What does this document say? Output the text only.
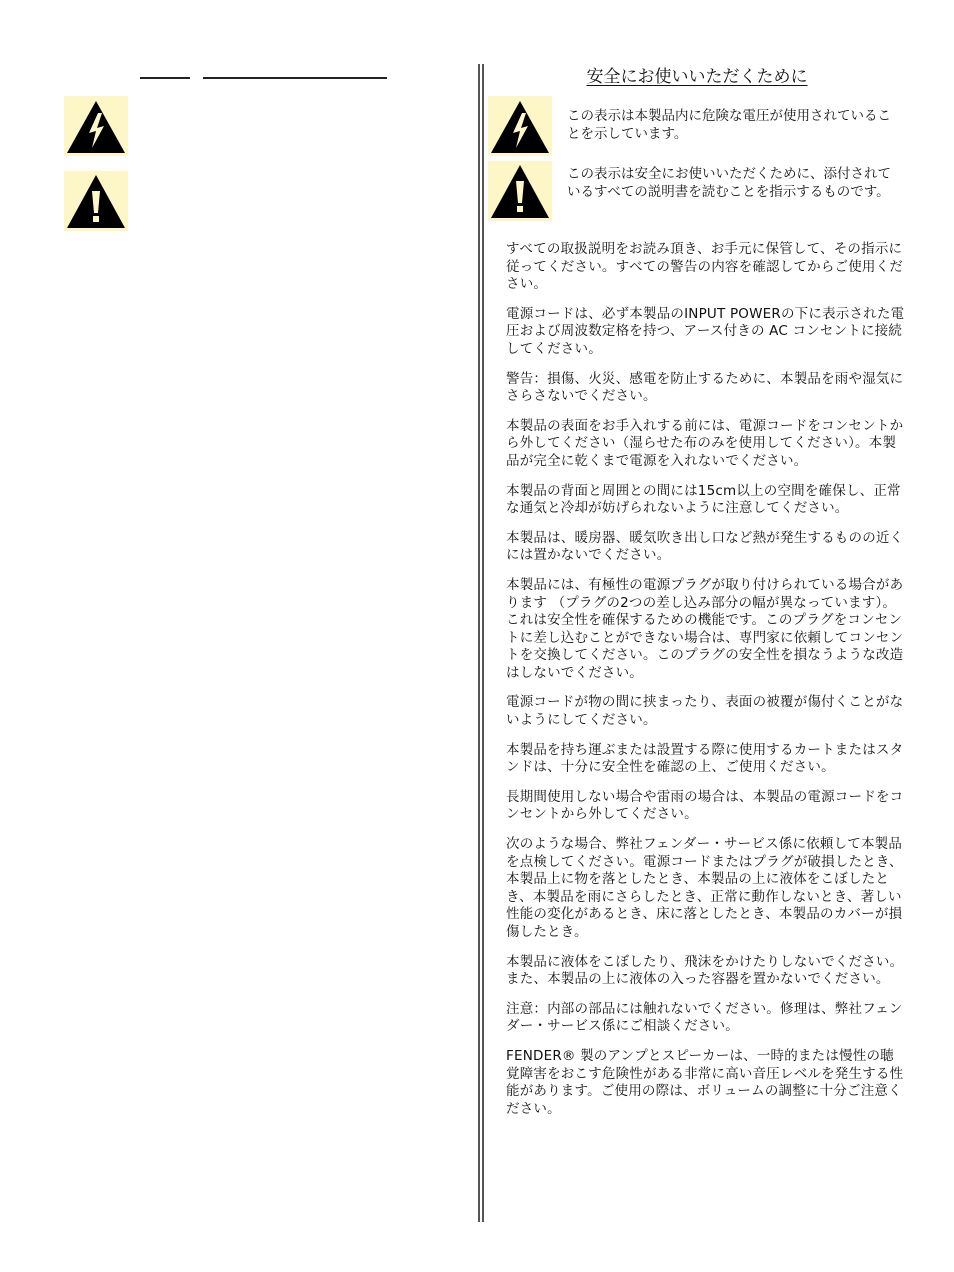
安全にお使いいただくために
この表示は本製品内に危険な電圧が使用されていることを示しています。
この表示は安全にお使いいただくために、添付されているすべての説明書を読むことを指示するものです。

すべての取扱説明をお読み頂き、お手元に保管して、その指示に従ってください。すべての警告の内容を確認してからご使用ください。

電源コードは、必ず本製品のINPUT POWERの下に表示された電圧および周波数定格を持つ、アース付きの AC コンセントに接続してください。

警告：損傷、火災、感電を防止するために、本製品を雨や湿気にさらさないでください。

本製品の表面をお手入れする前には、電源コードをコンセントから外してください（湿らせた布のみを使用してください）。本製品が完全に乾くまで電源を入れないでください。

本製品の背面と周囲との間には15cm以上の空間を確保し、正常な通気と冷却が妨げられないように注意してください。

本製品は、暖房器、暖気吹き出し口など熱が発生するものの近くには置かないでください。

本製品には、有極性の電源プラグが取り付けられている場合があります （プラグの2つの差し込み部分の幅が異なっています）。これは安全性を確保するための機能です。このプラグをコンセントに差し込むことができない場合は、専門家に依頼してコンセントを交換してください。このプラグの安全性を損なうような改造はしないでください。

電源コードが物の間に挟まったり、表面の被覆が傷付くことがないようにしてください。

本製品を持ち運ぶまたは設置する際に使用するカートまたはスタンドは、十分に安全性を確認の上、ご使用ください。

長期間使用しない場合や雷雨の場合は、本製品の電源コードをコンセントから外してください。

次のような場合、弊社フェンダー・サービス係に依頼して本製品を点検してください。電源コードまたはプラグが破損したとき、本製品上に物を落としたとき、本製品の上に液体をこぼしたとき、本製品を雨にさらしたとき、正常に動作しないとき、著しい性能の変化があるとき、床に落としたとき、本製品のカバーが損傷したとき。

本製品に液体をこぼしたり、飛沫をかけたりしないでください。また、本製品の上に液体の入った容器を置かないでください。

注意：内部の部品には触れないでください。修理は、弊社フェンダー・サービス係にご相談ください。

FENDER® 製のアンプとスピーカーは、一時的または慢性の聴覚障害をおこす危険性がある非常に高い音圧レベルを発生する性能があります。ご使用の際は、ボリュームの調整に十分ご注意ください。
